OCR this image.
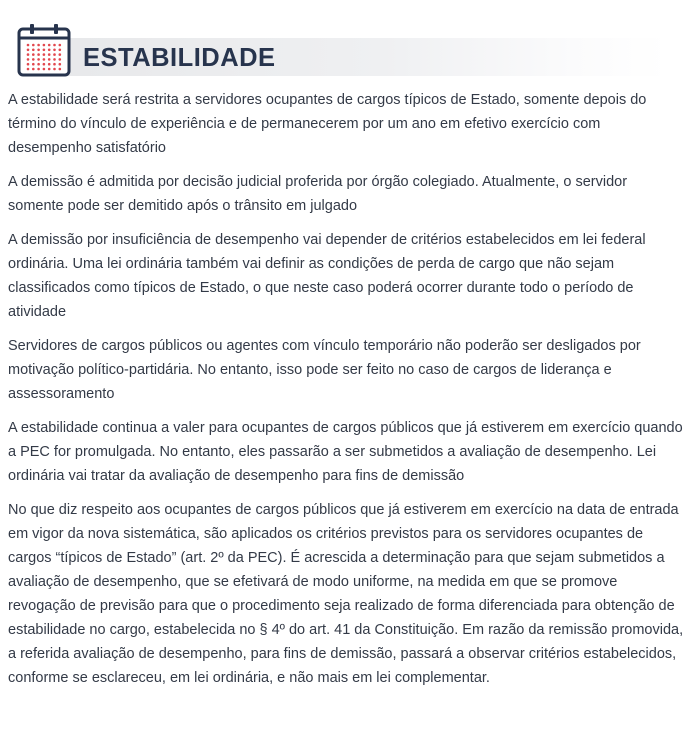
ESTABILIDADE

A estabilidade será restrita a servidores ocupantes de cargos típicos de Estado, somente depois do término do vínculo de experiência e de permanecerem por um ano em efetivo exercício com desempenho satisfatório

A demissão é admitida por decisão judicial proferida por órgão colegiado. Atualmente, o servidor somente pode ser demitido após o trânsito em julgado

A demissão por insuficiência de desempenho vai depender de critérios estabelecidos em lei federal ordinária. Uma lei ordinária também vai definir as condições de perda de cargo que não sejam classificados como típicos de Estado, o que neste caso poderá ocorrer durante todo o período de atividade

Servidores de cargos públicos ou agentes com vínculo temporário não poderão ser desligados por motivação político-partidária. No entanto, isso pode ser feito no caso de cargos de liderança e assessoramento

A estabilidade continua a valer para ocupantes de cargos públicos que já estiverem em exercício quando a PEC for promulgada. No entanto, eles passarão a ser submetidos a avaliação de desempenho. Lei ordinária vai tratar da avaliação de desempenho para fins de demissão

No que diz respeito aos ocupantes de cargos públicos que já estiverem em exercício na data de entrada em vigor da nova sistemática, são aplicados os critérios previstos para os servidores ocupantes de cargos “típicos de Estado” (art. 2º da PEC). É acrescida a determinação para que sejam submetidos a avaliação de desempenho, que se efetivará de modo uniforme, na medida em que se promove revogação de previsão para que o procedimento seja realizado de forma diferenciada para obtenção de estabilidade no cargo, estabelecida no § 4º do art. 41 da Constituição. Em razão da remissão promovida, a referida avaliação de desempenho, para fins de demissão, passará a observar critérios estabelecidos, conforme se esclareceu, em lei ordinária, e não mais em lei complementar.
